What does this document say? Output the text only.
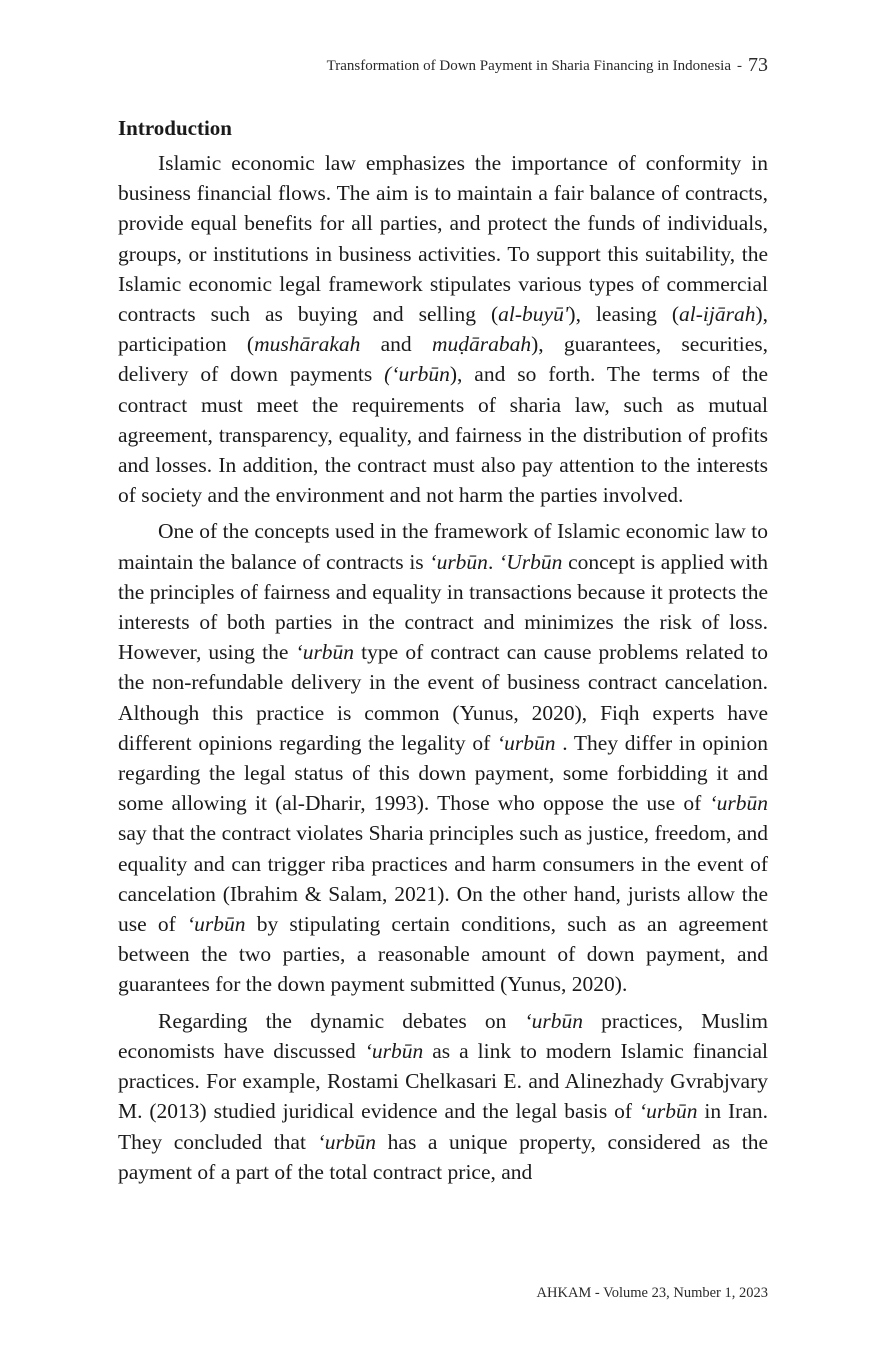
Transformation of Down Payment in Sharia Financing in Indonesia - 73
Introduction

Islamic economic law emphasizes the importance of conformity in business financial flows. The aim is to maintain a fair balance of contracts, provide equal benefits for all parties, and protect the funds of individuals, groups, or institutions in business activities. To support this suitability, the Islamic economic legal framework stipulates various types of commercial contracts such as buying and selling (al-buyū'), leasing (al-ijārah), participation (mushārakah and muḍārabah), guarantees, securities, delivery of down payments (‘urbūn), and so forth. The terms of the contract must meet the requirements of sharia law, such as mutual agreement, transparency, equality, and fairness in the distribution of profits and losses. In addition, the contract must also pay attention to the interests of society and the environment and not harm the parties involved.

One of the concepts used in the framework of Islamic economic law to maintain the balance of contracts is ‘urbūn. ‘Urbūn concept is applied with the principles of fairness and equality in transactions because it protects the interests of both parties in the contract and minimizes the risk of loss. However, using the ‘urbūn type of contract can cause problems related to the non-refundable delivery in the event of business contract cancelation. Although this practice is common (Yunus, 2020), Fiqh experts have different opinions regarding the legality of ‘urbūn . They differ in opinion regarding the legal status of this down payment, some forbidding it and some allowing it (al-Dharir, 1993). Those who oppose the use of ‘urbūn say that the contract violates Sharia principles such as justice, freedom, and equality and can trigger riba practices and harm consumers in the event of cancelation (Ibrahim & Salam, 2021). On the other hand, jurists allow the use of ‘urbūn by stipulating certain conditions, such as an agreement between the two parties, a reasonable amount of down payment, and guarantees for the down payment submitted (Yunus, 2020).

Regarding the dynamic debates on ‘urbūn practices, Muslim economists have discussed ‘urbūn as a link to modern Islamic financial practices. For example, Rostami Chelkasari E. and Alinezhady Gvrabjvary M. (2013) studied juridical evidence and the legal basis of ‘urbūn in Iran. They concluded that ‘urbūn has a unique property, considered as the payment of a part of the total contract price, and

AHKAM - Volume 23, Number 1, 2023
